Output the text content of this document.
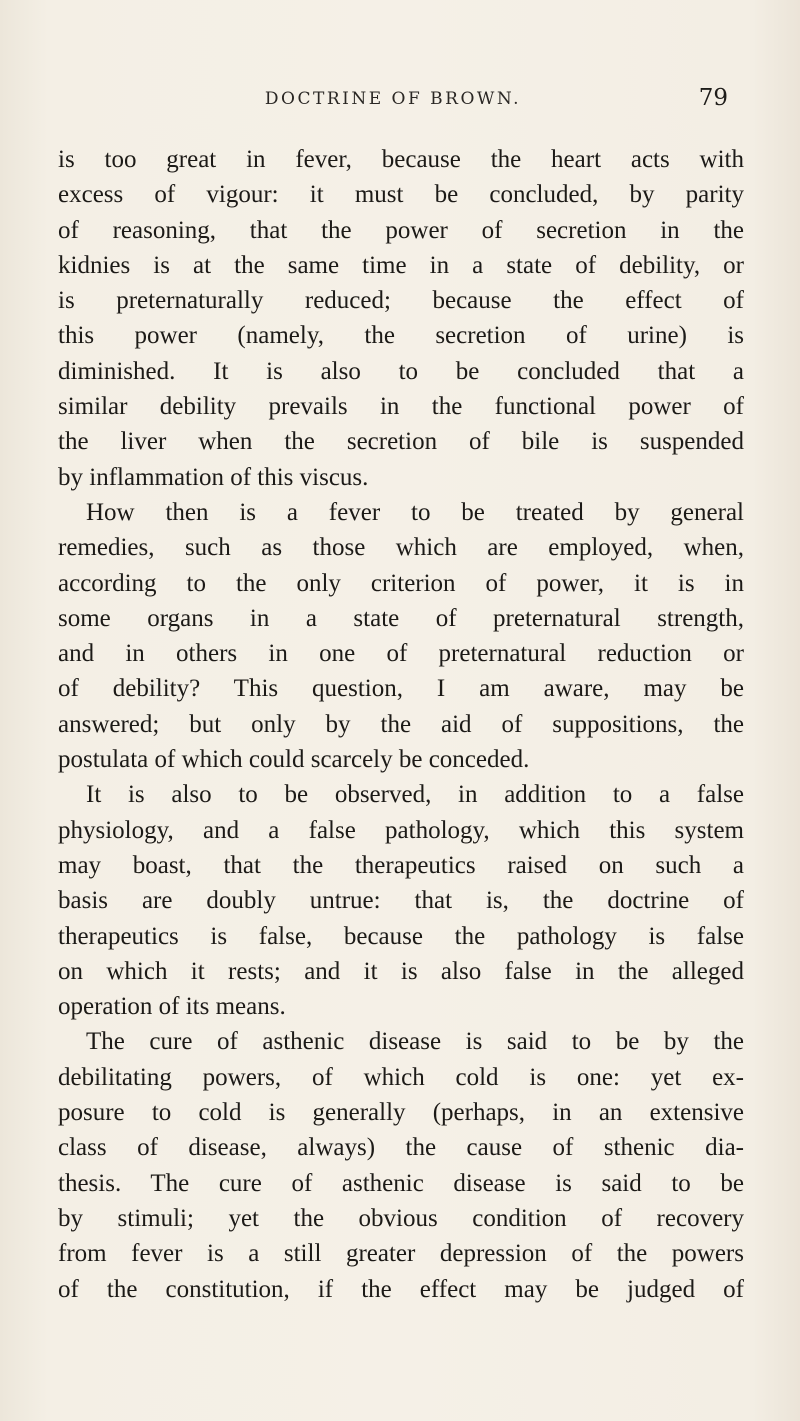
DOCTRINE OF BROWN.	79
is too great in fever, because the heart acts with
excess of vigour: it must be concluded, by parity
of reasoning, that the power of secretion in the
kidnies is at the same time in a state of debility, or
is preternaturally reduced; because the effect of
this power (namely, the secretion of urine) is
diminished. It is also to be concluded that a
similar debility prevails in the functional power of
the liver when the secretion of bile is suspended
by inflammation of this viscus.
How then is a fever to be treated by general
remedies, such as those which are employed, when,
according to the only criterion of power, it is in
some organs in a state of preternatural strength,
and in others in one of preternatural reduction or
of debility? This question, I am aware, may be
answered; but only by the aid of suppositions, the
postulata of which could scarcely be conceded.
It is also to be observed, in addition to a false
physiology, and a false pathology, which this system
may boast, that the therapeutics raised on such a
basis are doubly untrue: that is, the doctrine of
therapeutics is false, because the pathology is false
on which it rests; and it is also false in the alleged
operation of its means.
The cure of asthenic disease is said to be by the
debilitating powers, of which cold is one: yet ex-
posure to cold is generally (perhaps, in an extensive
class of disease, always) the cause of sthenic dia-
thesis. The cure of asthenic disease is said to be
by stimuli; yet the obvious condition of recovery
from fever is a still greater depression of the powers
of the constitution, if the effect may be judged of
